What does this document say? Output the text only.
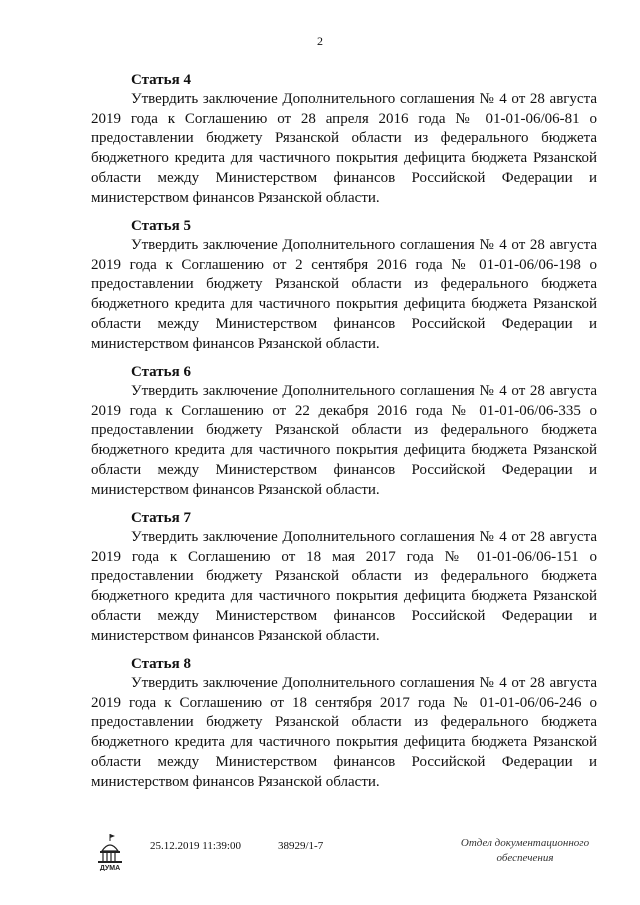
2

Статья 4

Утвердить заключение Дополнительного соглашения № 4 от 28 августа 2019 года к Соглашению от 28 апреля 2016 года № 01-01-06/06-81 о предоставлении бюджету Рязанской области из федерального бюджета бюджетного кредита для частичного покрытия дефицита бюджета Рязанской области между Министерством финансов Российской Федерации и министерством финансов Рязанской области.

Статья 5

Утвердить заключение Дополнительного соглашения № 4 от 28 августа 2019 года к Соглашению от 2 сентября 2016 года № 01-01-06/06-198 о предоставлении бюджету Рязанской области из федерального бюджета бюджетного кредита для частичного покрытия дефицита бюджета Рязанской области между Министерством финансов Российской Федерации и министерством финансов Рязанской области.

Статья 6

Утвердить заключение Дополнительного соглашения № 4 от 28 августа 2019 года к Соглашению от 22 декабря 2016 года № 01-01-06/06-335 о предоставлении бюджету Рязанской области из федерального бюджета бюджетного кредита для частичного покрытия дефицита бюджета Рязанской области между Министерством финансов Российской Федерации и министерством финансов Рязанской области.

Статья 7

Утвердить заключение Дополнительного соглашения № 4 от 28 августа 2019 года к Соглашению от 18 мая 2017 года № 01-01-06/06-151 о предоставлении бюджету Рязанской области из федерального бюджета бюджетного кредита для частичного покрытия дефицита бюджета Рязанской области между Министерством финансов Российской Федерации и министерством финансов Рязанской области.

Статья 8

Утвердить заключение Дополнительного соглашения № 4 от 28 августа 2019 года к Соглашению от 18 сентября 2017 года № 01-01-06/06-246 о предоставлении бюджету Рязанской области из федерального бюджета бюджетного кредита для частичного покрытия дефицита бюджета Рязанской области между Министерством финансов Российской Федерации и министерством финансов Рязанской области.

ДУМА
25.12.2019 11:39:00	38929/1-7	Отдел документационного
обеспечения
